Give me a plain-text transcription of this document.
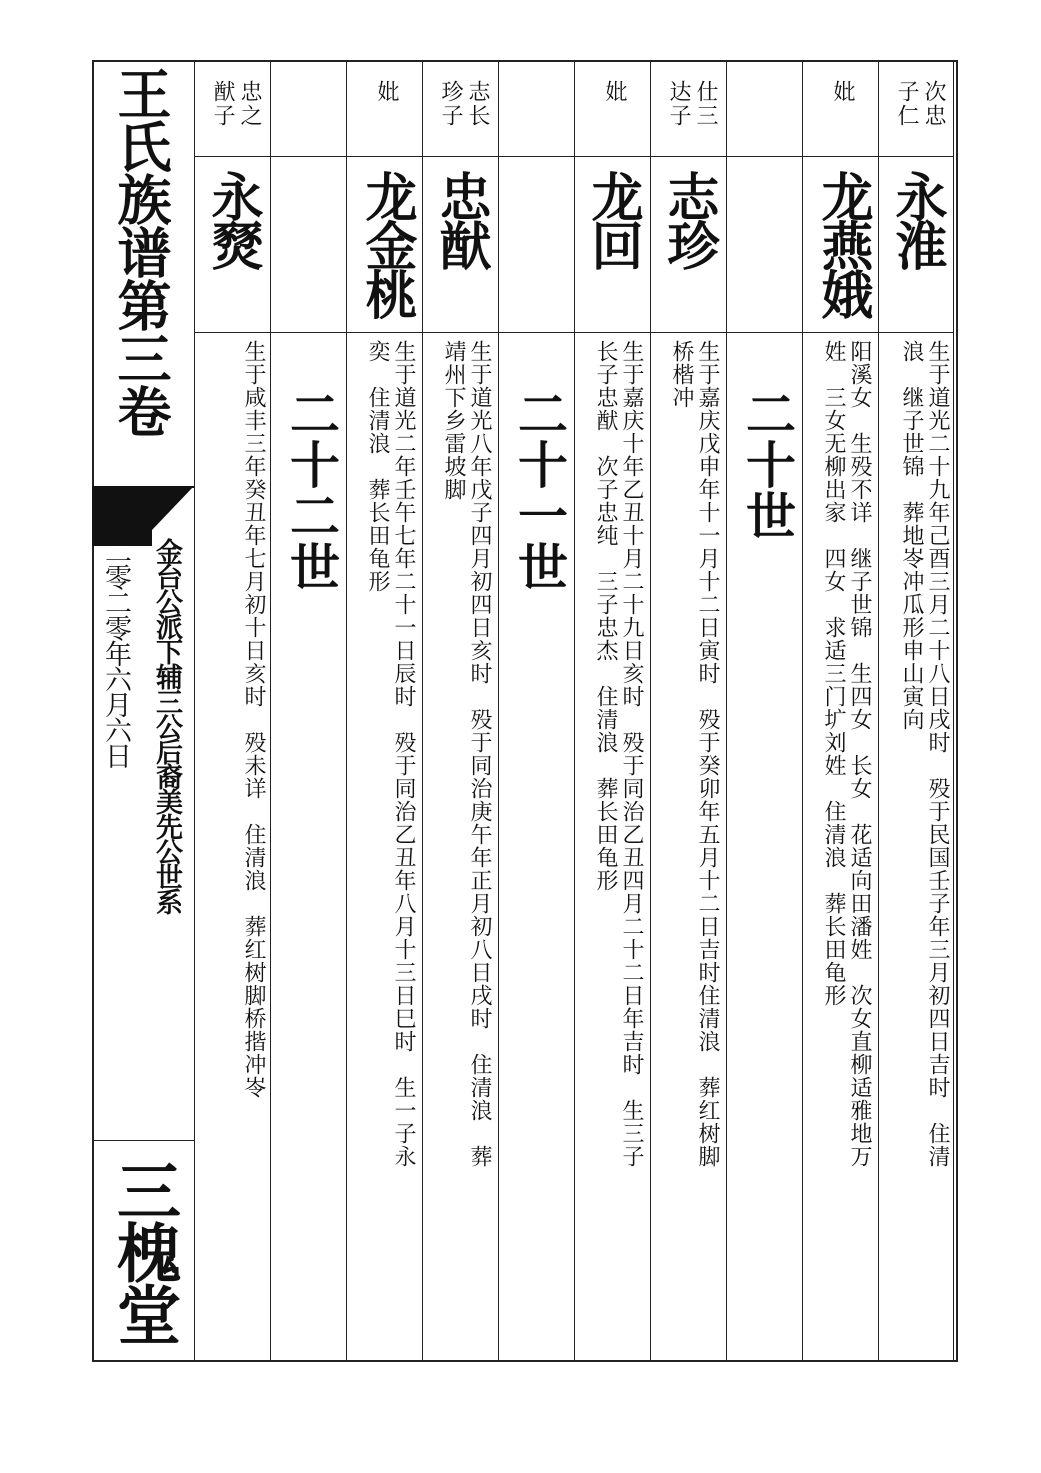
王氏族谱第三卷
金台公派下辅三公后裔美先公世系
二零二零年六月六日
三槐堂
次忠
子仁
永淮
生于道光二十九年己酉三月二十八日戌时　殁于民国壬子年三月初四日吉时　住清
浪　继子世锦　葬地岺冲瓜形申山寅向
妣
龙燕娥
阳溪女　生殁不详　继子世锦　生四女　长女　花适向田潘姓　次女直柳适雅地万
姓　三女无柳出家　四女　求适三门圹刘姓　住清浪　葬长田龟形
二十世
仕三
达子
志珍
生于嘉庆戊申年十一月十二日寅时　殁于癸卯年五月十二日吉时住清浪　葬红树脚
桥楷冲
妣
龙回
生于嘉庆十年乙丑十月二十九日亥时　殁于同治乙丑四月二十二日年吉时　生三子
长子忠猷　次子忠纯　三子忠杰　住清浪　葬长田龟形
二十一世
志长
珍子
忠猷
生于道光八年戊子四月初四日亥时　殁于同治庚午年正月初八日戌时　住清浪　葬
靖州下乡雷坡脚
妣
龙金桃
生于道光二年壬午七年二十一日辰时　殁于同治乙丑年八月十三日巳时　生一子永
奕　住清浪　葬长田龟形
二十二世
忠之
猷子
永燹
生于咸丰三年癸丑年七月初十日亥时　殁未详　住清浪　葬红树脚桥揩冲岺
